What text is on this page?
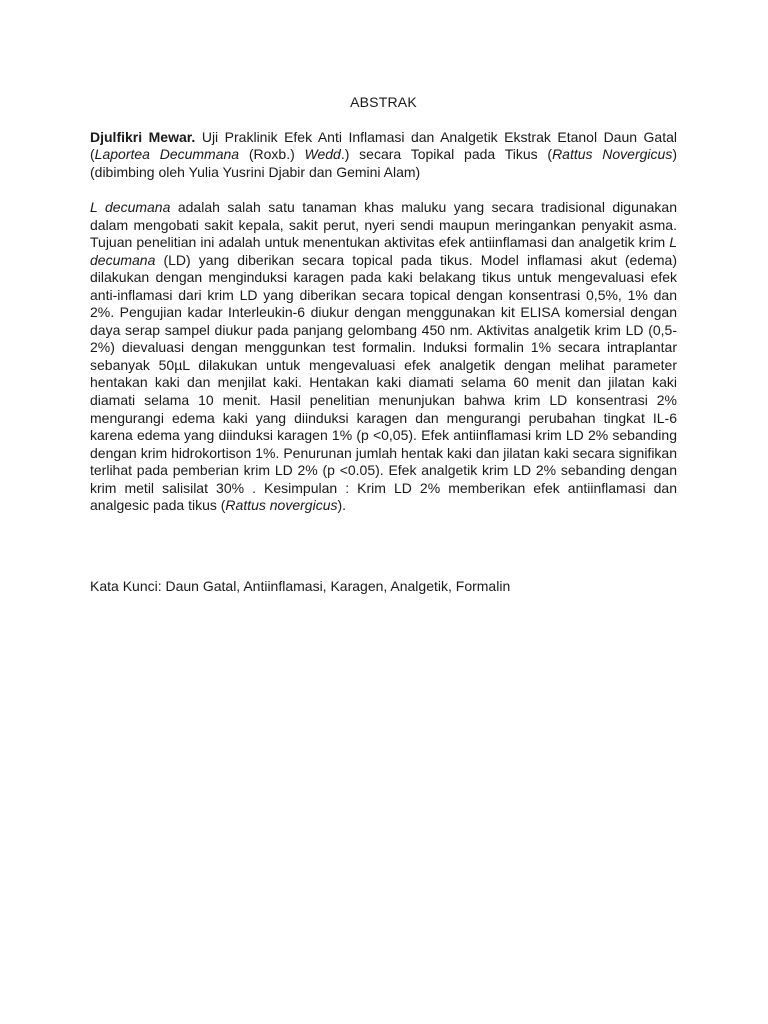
ABSTRAK

Djulfikri Mewar. Uji Praklinik Efek Anti Inflamasi dan Analgetik Ekstrak Etanol Daun Gatal (Laportea Decummana (Roxb.) Wedd.) secara Topikal pada Tikus (Rattus Novergicus) (dibimbing oleh Yulia Yusrini Djabir dan Gemini Alam)

L decumana adalah salah satu tanaman khas maluku yang secara tradisional digunakan dalam mengobati sakit kepala, sakit perut, nyeri sendi maupun meringankan penyakit asma. Tujuan penelitian ini adalah untuk menentukan aktivitas efek antiinflamasi dan analgetik krim L decumana (LD) yang diberikan secara topical pada tikus. Model inflamasi akut (edema) dilakukan dengan menginduksi karagen pada kaki belakang tikus untuk mengevaluasi efek anti-inflamasi dari krim LD yang diberikan secara topical dengan konsentrasi 0,5%, 1% dan 2%. Pengujian kadar Interleukin-6 diukur dengan menggunakan kit ELISA komersial dengan daya serap sampel diukur pada panjang gelombang 450 nm. Aktivitas analgetik krim LD (0,5-2%) dievaluasi dengan menggunkan test formalin. Induksi formalin 1% secara intraplantar sebanyak 50µL dilakukan untuk mengevaluasi efek analgetik dengan melihat parameter hentakan kaki dan menjilat kaki. Hentakan kaki diamati selama 60 menit dan jilatan kaki diamati selama 10 menit. Hasil penelitian menunjukan bahwa krim LD konsentrasi 2% mengurangi edema kaki yang diinduksi karagen dan mengurangi perubahan tingkat IL-6 karena edema yang diinduksi karagen 1% (p <0,05). Efek antiinflamasi krim LD 2% sebanding dengan krim hidrokortison 1%. Penurunan jumlah hentak kaki dan jilatan kaki secara signifikan terlihat pada pemberian krim LD 2% (p <0.05). Efek analgetik krim LD 2% sebanding dengan krim metil salisilat 30% . Kesimpulan : Krim LD 2% memberikan efek antiinflamasi dan analgesic pada tikus (Rattus novergicus).

Kata Kunci: Daun Gatal, Antiinflamasi, Karagen, Analgetik, Formalin
